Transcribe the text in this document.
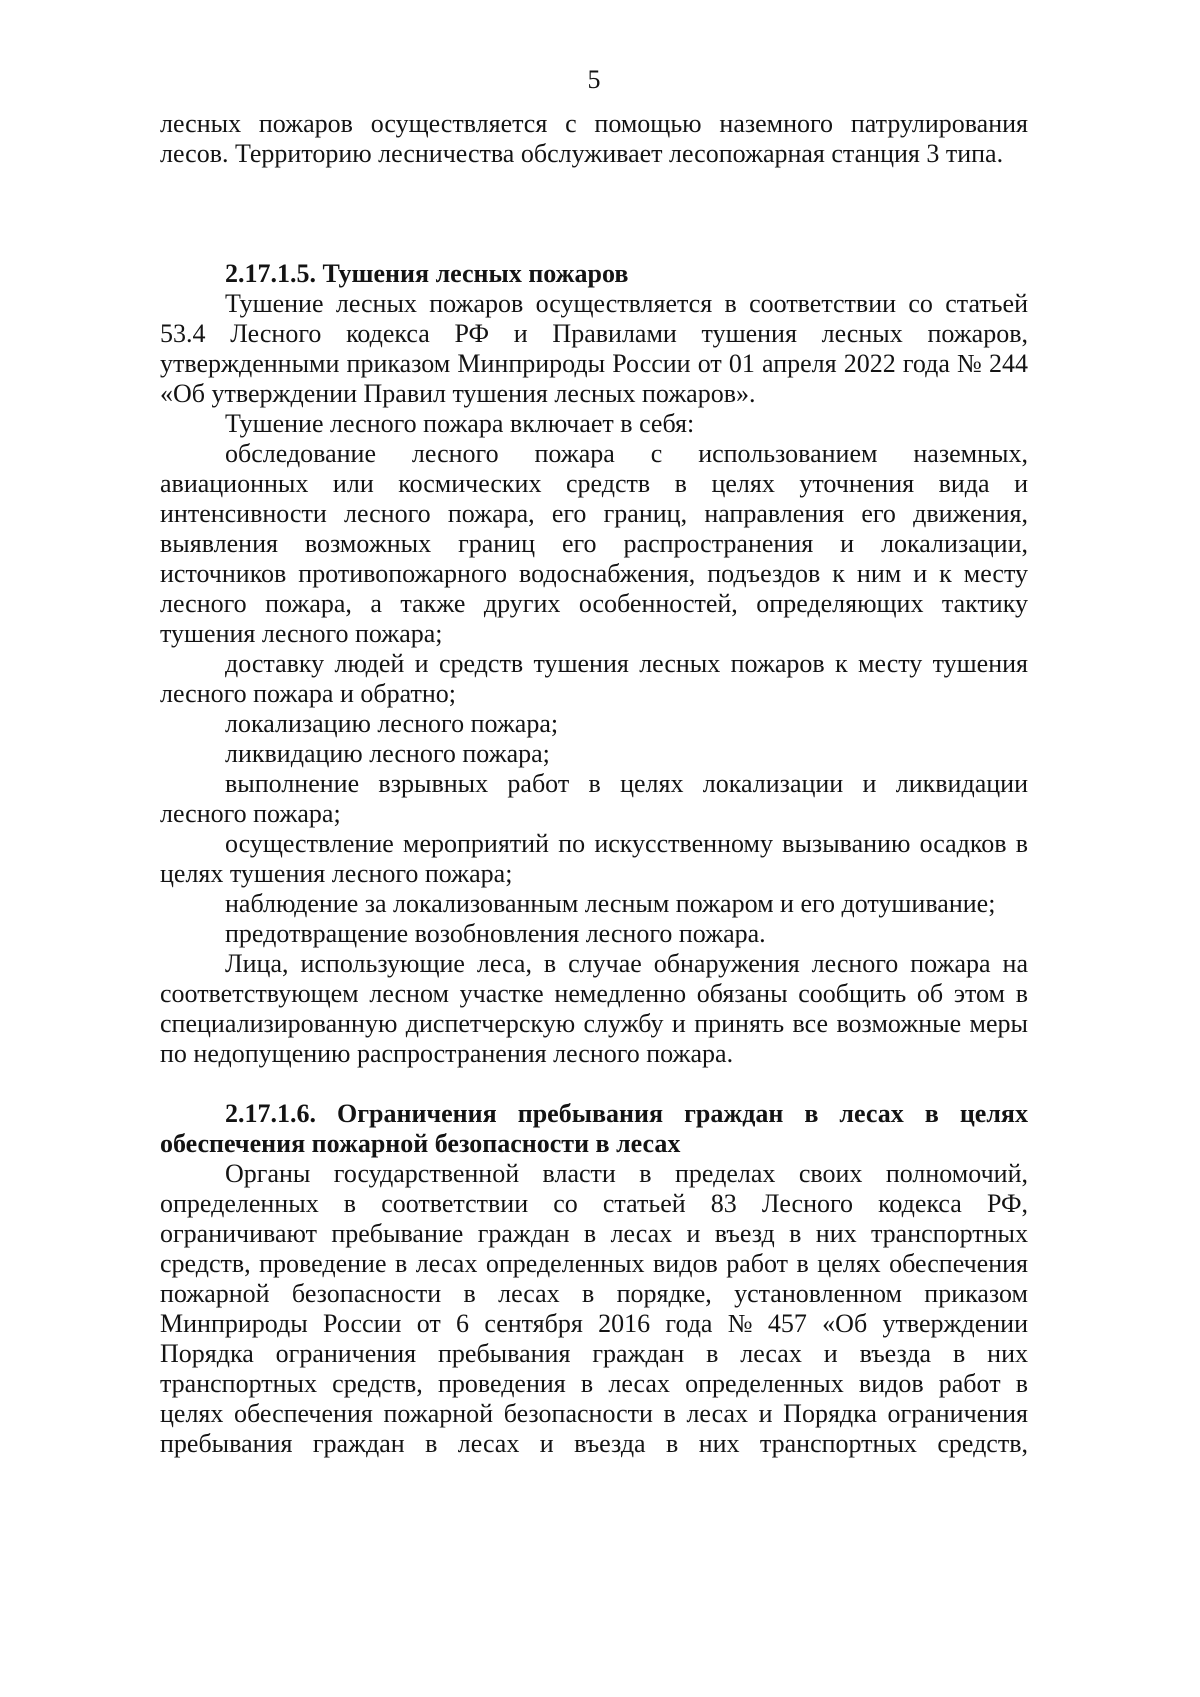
5
лесных пожаров осуществляется с помощью наземного патрулирования
лесов. Территорию лесничества обслуживает лесопожарная станция 3 типа.
2.17.1.5. Тушения лесных пожаров
Тушение лесных пожаров осуществляется в соответствии со статьей
53.4 Лесного кодекса РФ и Правилами тушения лесных пожаров,
утвержденными приказом Минприроды России от 01 апреля 2022 года № 244
«Об утверждении Правил тушения лесных пожаров».
Тушение лесного пожара включает в себя:
обследование лесного пожара с использованием наземных,
авиационных или космических средств в целях уточнения вида и
интенсивности лесного пожара, его границ, направления его движения,
выявления возможных границ его распространения и локализации,
источников противопожарного водоснабжения, подъездов к ним и к месту
лесного пожара, а также других особенностей, определяющих тактику
тушения лесного пожара;
доставку людей и средств тушения лесных пожаров к месту тушения
лесного пожара и обратно;
локализацию лесного пожара;
ликвидацию лесного пожара;
выполнение взрывных работ в целях локализации и ликвидации
лесного пожара;
осуществление мероприятий по искусственному вызыванию осадков в
целях тушения лесного пожара;
наблюдение за локализованным лесным пожаром и его дотушивание;
предотвращение возобновления лесного пожара.
Лица, использующие леса, в случае обнаружения лесного пожара на
соответствующем лесном участке немедленно обязаны сообщить об этом в
специализированную диспетчерскую службу и принять все возможные меры
по недопущению распространения лесного пожара.
2.17.1.6. Ограничения пребывания граждан в лесах в целях
обеспечения пожарной безопасности в лесах
Органы государственной власти в пределах своих полномочий,
определенных в соответствии со статьей 83 Лесного кодекса РФ,
ограничивают пребывание граждан в лесах и въезд в них транспортных
средств, проведение в лесах определенных видов работ в целях обеспечения
пожарной безопасности в лесах в порядке, установленном приказом
Минприроды России от 6 сентября 2016 года № 457 «Об утверждении
Порядка ограничения пребывания граждан в лесах и въезда в них
транспортных средств, проведения в лесах определенных видов работ в
целях обеспечения пожарной безопасности в лесах и Порядка ограничения
пребывания граждан в лесах и въезда в них транспортных средств,
